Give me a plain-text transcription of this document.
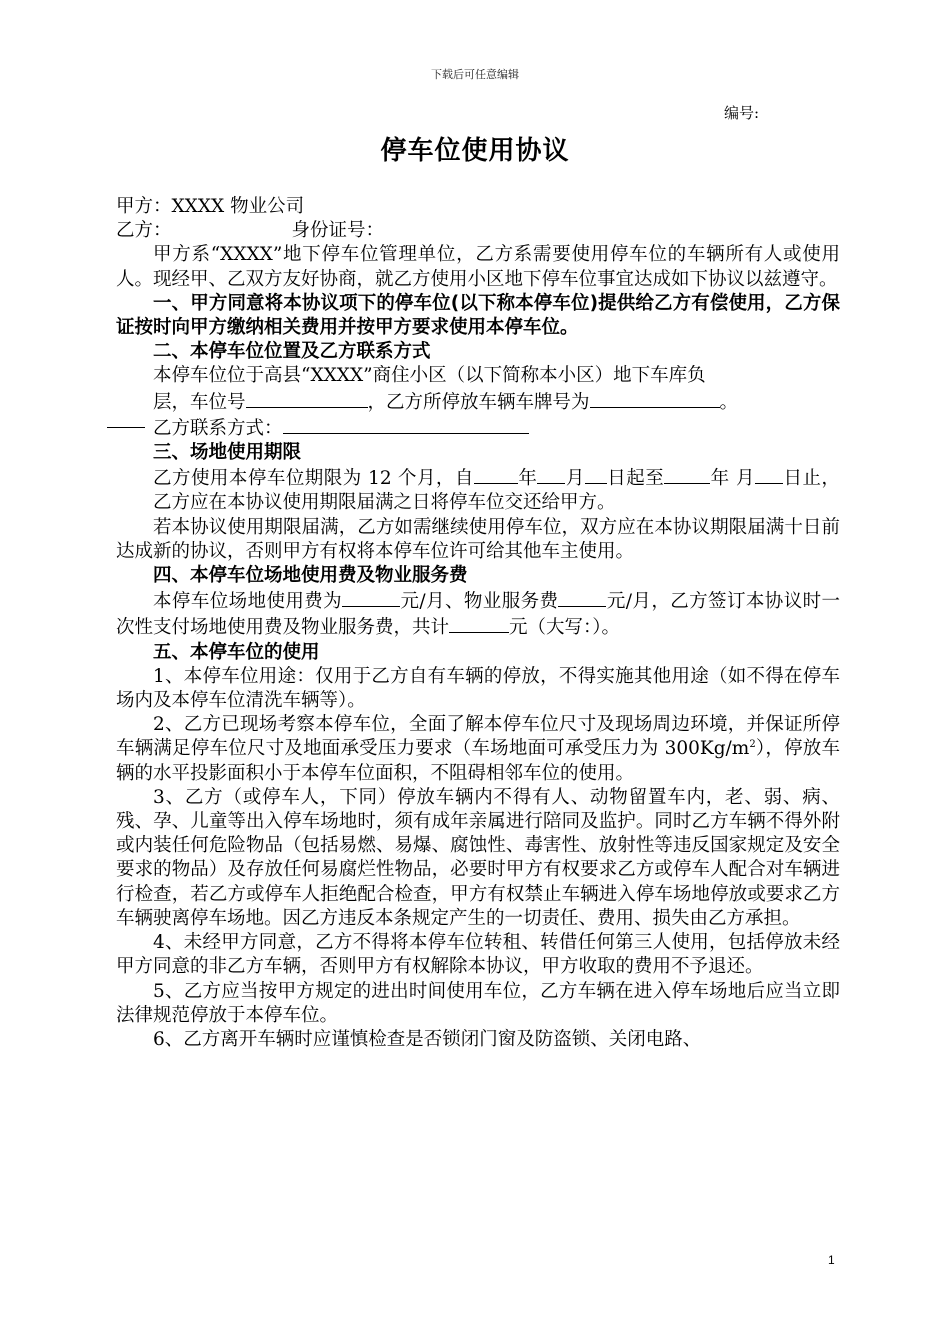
下载后可任意编辑
编号:
停车位使用协议

甲方：XXXX 物业公司

乙方：	身份证号：

甲方系“XXXX”地下停车位管理单位，乙方系需要使用停车位的车辆所有人或使用人。现经甲、乙双方友好协商，就乙方使用小区地下停车位事宜达成如下协议以兹遵守。

一、甲方同意将本协议项下的停车位(以下称本停车位)提供给乙方有偿使用，乙方保证按时向甲方缴纳相关费用并按甲方要求使用本停车位。

二、本停车位位置及乙方联系方式

本停车位位于高县“XXXX”商住小区（以下简称本小区）地下车库负

层，车位号	，乙方所停放车辆车牌号为	。

乙方联系方式：

三、场地使用期限

乙方使用本停车位期限为 12 个月，自 年 月 日起至 年 月 日止，乙方应在本协议使用期限届满之日将停车位交还给甲方。

若本协议使用期限届满，乙方如需继续使用停车位，双方应在本协议期限届满十日前达成新的协议，否则甲方有权将本停车位许可给其他车主使用。

四、本停车位场地使用费及物业服务费

本停车位场地使用费为	元/月、物业服务费	元/月，乙方签订本协议时一次性支付场地使用费及物业服务费，共计	元（大写：）。

五、本停车位的使用

1、本停车位用途：仅用于乙方自有车辆的停放，不得实施其他用途（如不得在停车场内及本停车位清洗车辆等）。

2、乙方已现场考察本停车位，全面了解本停车位尺寸及现场周边环境，并保证所停车辆满足停车位尺寸及地面承受压力要求（车场地面可承受压力为 $300Kg/m^2$），停放车辆的水平投影面积小于本停车位面积，不阻碍相邻车位的使用。

3、乙方（或停车人，下同）停放车辆内不得有人、动物留置车内，老、弱、病、残、孕、儿童等出入停车场地时，须有成年亲属进行陪同及监护。同时乙方车辆不得外附或内装任何危险物品（包括易燃、易爆、腐蚀性、毒害性、放射性等违反国家规定及安全要求的物品）及存放任何易腐烂性物品，必要时甲方有权要求乙方或停车人配合对车辆进行检查，若乙方或停车人拒绝配合检查，甲方有权禁止车辆进入停车场地停放或要求乙方车辆驶离停车场地。因乙方违反本条规定产生的一切责任、费用、损失由乙方承担。

4、未经甲方同意，乙方不得将本停车位转租、转借任何第三人使用，包括停放未经甲方同意的非乙方车辆，否则甲方有权解除本协议，甲方收取的费用不予退还。

5、乙方应当按甲方规定的进出时间使用车位，乙方车辆在进入停车场地后应当立即法律规范停放于本停车位。

6、乙方离开车辆时应谨慎检查是否锁闭门窗及防盗锁、关闭电路、

1
